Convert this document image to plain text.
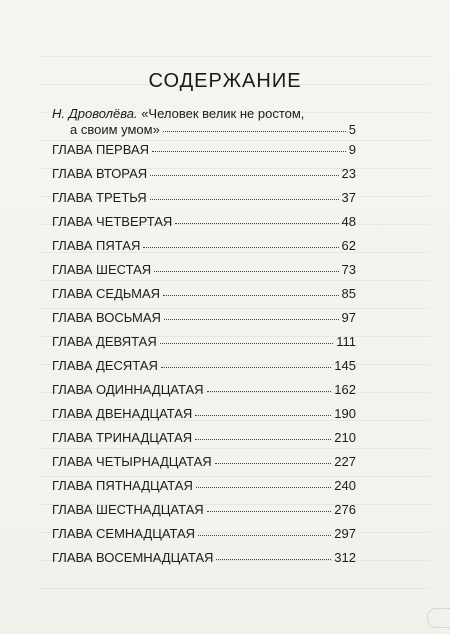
СОДЕРЖАНИЕ
Н. Дроволёва. «Человек велик не ростом,
а своим умом»	5
ГЛАВА ПЕРВАЯ	9
ГЛАВА ВТОРАЯ	23
ГЛАВА ТРЕТЬЯ	37
ГЛАВА ЧЕТВЕРТАЯ	48
ГЛАВА ПЯТАЯ	62
ГЛАВА ШЕСТАЯ	73
ГЛАВА СЕДЬМАЯ	85
ГЛАВА ВОСЬМАЯ	97
ГЛАВА ДЕВЯТАЯ	111
ГЛАВА ДЕСЯТАЯ	145
ГЛАВА ОДИННАДЦАТАЯ	162
ГЛАВА ДВЕНАДЦАТАЯ	190
ГЛАВА ТРИНАДЦАТАЯ	210
ГЛАВА ЧЕТЫРНАДЦАТАЯ	227
ГЛАВА ПЯТНАДЦАТАЯ	240
ГЛАВА ШЕСТНАДЦАТАЯ	276
ГЛАВА СЕМНАДЦАТАЯ	297
ГЛАВА ВОСЕМНАДЦАТАЯ	312
